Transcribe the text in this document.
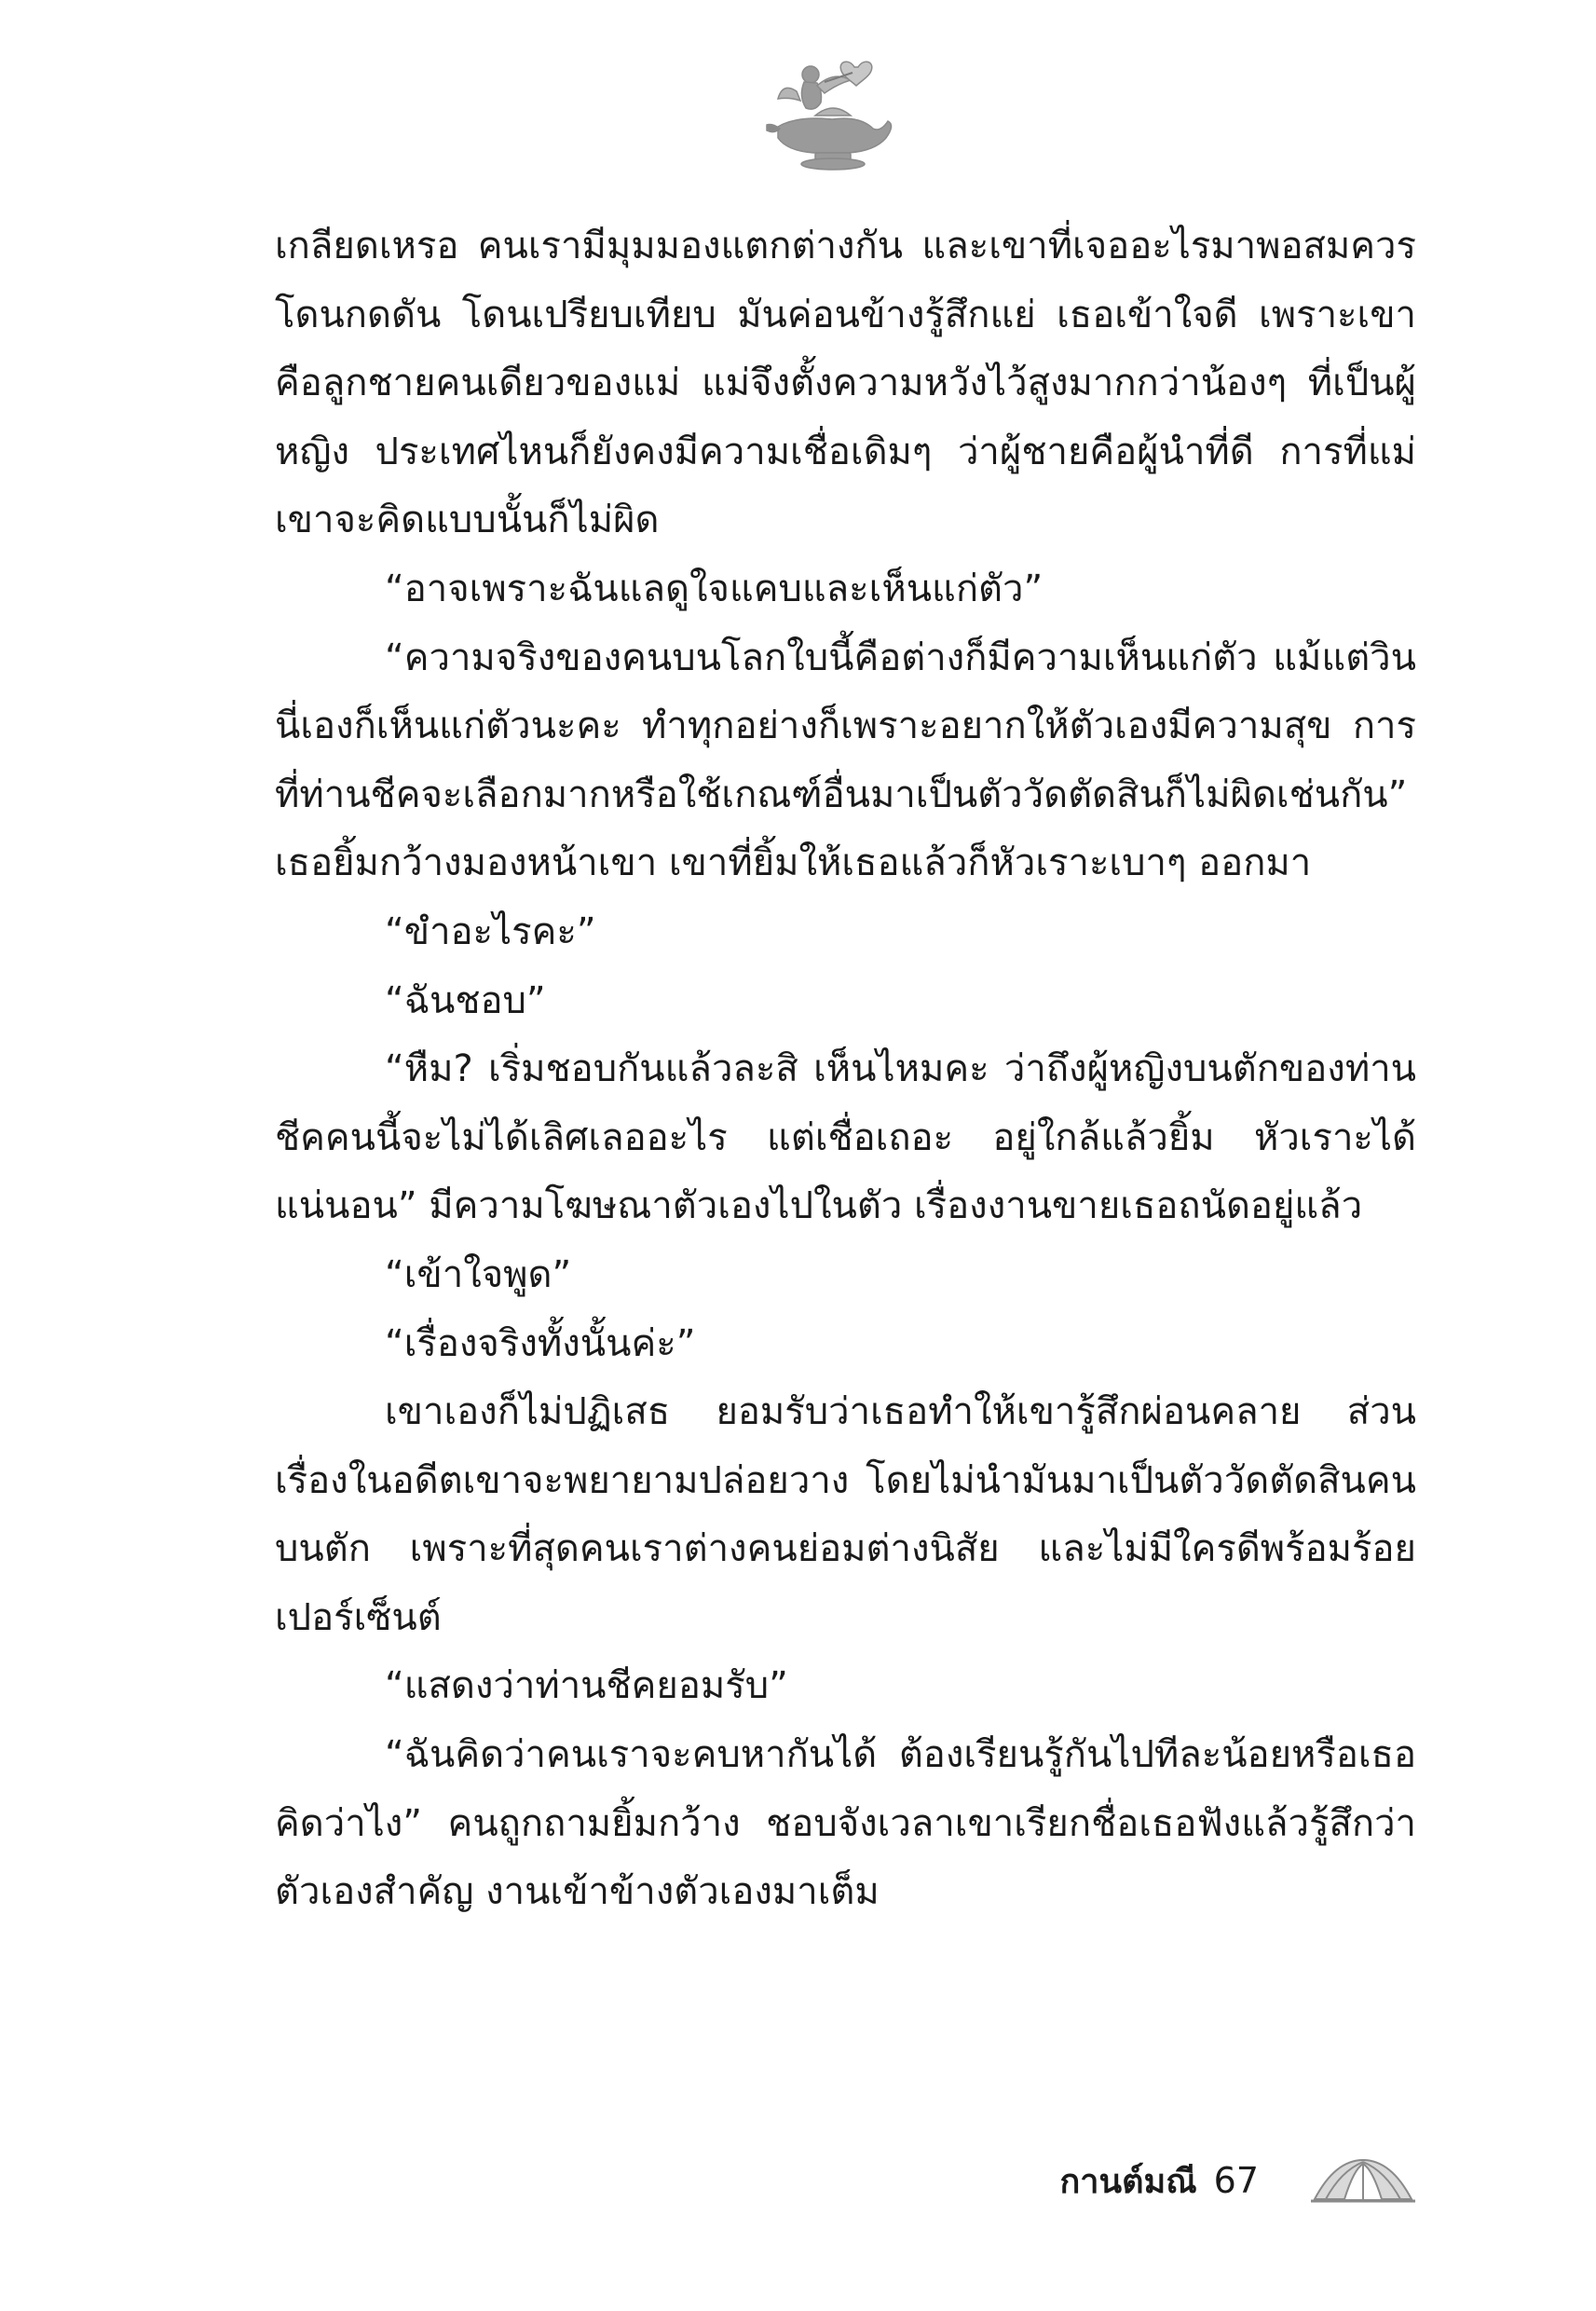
เกลียดเหรอ คนเรามีมุมมองแตกต่างกัน และเขาที่เจออะไรมาพอสมควร โดนกดดัน โดนเปรียบเทียบ มันค่อนข้างรู้สึกแย่ เธอเข้าใจดี เพราะเขาคือลูกชายคนเดียวของแม่ แม่จึงตั้งความหวังไว้สูงมากกว่าน้องๆ ที่เป็นผู้หญิง ประเทศไหนก็ยังคงมีความเชื่อเดิมๆ ว่าผู้ชายคือผู้นำที่ดี การที่แม่เขาจะคิดแบบนั้นก็ไม่ผิด

“อาจเพราะฉันแลดูใจแคบและเห็นแก่ตัว”

“ความจริงของคนบนโลกใบนี้คือต่างก็มีความเห็นแก่ตัว แม้แต่วินนี่เองก็เห็นแก่ตัวนะคะ ทำทุกอย่างก็เพราะอยากให้ตัวเองมีความสุข การที่ท่านชีคจะเลือกมากหรือใช้เกณฑ์อื่นมาเป็นตัววัดตัดสินก็ไม่ผิดเช่นกัน” เธอยิ้มกว้างมองหน้าเขา เขาที่ยิ้มให้เธอแล้วก็หัวเราะเบาๆ ออกมา

“ขำอะไรคะ”

“ฉันชอบ”

“หืม? เริ่มชอบกันแล้วละสิ เห็นไหมคะ ว่าถึงผู้หญิงบนตักของท่านชีคคนนี้จะไม่ได้เลิศเลออะไร แต่เชื่อเถอะ อยู่ใกล้แล้วยิ้ม หัวเราะได้แน่นอน” มีความโฆษณาตัวเองไปในตัว เรื่องงานขายเธอถนัดอยู่แล้ว

“เข้าใจพูด”

“เรื่องจริงทั้งนั้นค่ะ”

เขาเองก็ไม่ปฏิเสธ ยอมรับว่าเธอทำให้เขารู้สึกผ่อนคลาย ส่วนเรื่องในอดีตเขาจะพยายามปล่อยวาง โดยไม่นำมันมาเป็นตัววัดตัดสินคนบนตัก เพราะที่สุดคนเราต่างคนย่อมต่างนิสัย และไม่มีใครดีพร้อมร้อยเปอร์เซ็นต์

“แสดงว่าท่านชีคยอมรับ”

“ฉันคิดว่าคนเราจะคบหากันได้ ต้องเรียนรู้กันไปทีละน้อยหรือเธอคิดว่าไง” คนถูกถามยิ้มกว้าง ชอบจังเวลาเขาเรียกชื่อเธอฟังแล้วรู้สึกว่าตัวเองสำคัญ งานเข้าข้างตัวเองมาเต็ม

กานต์มณี 67
